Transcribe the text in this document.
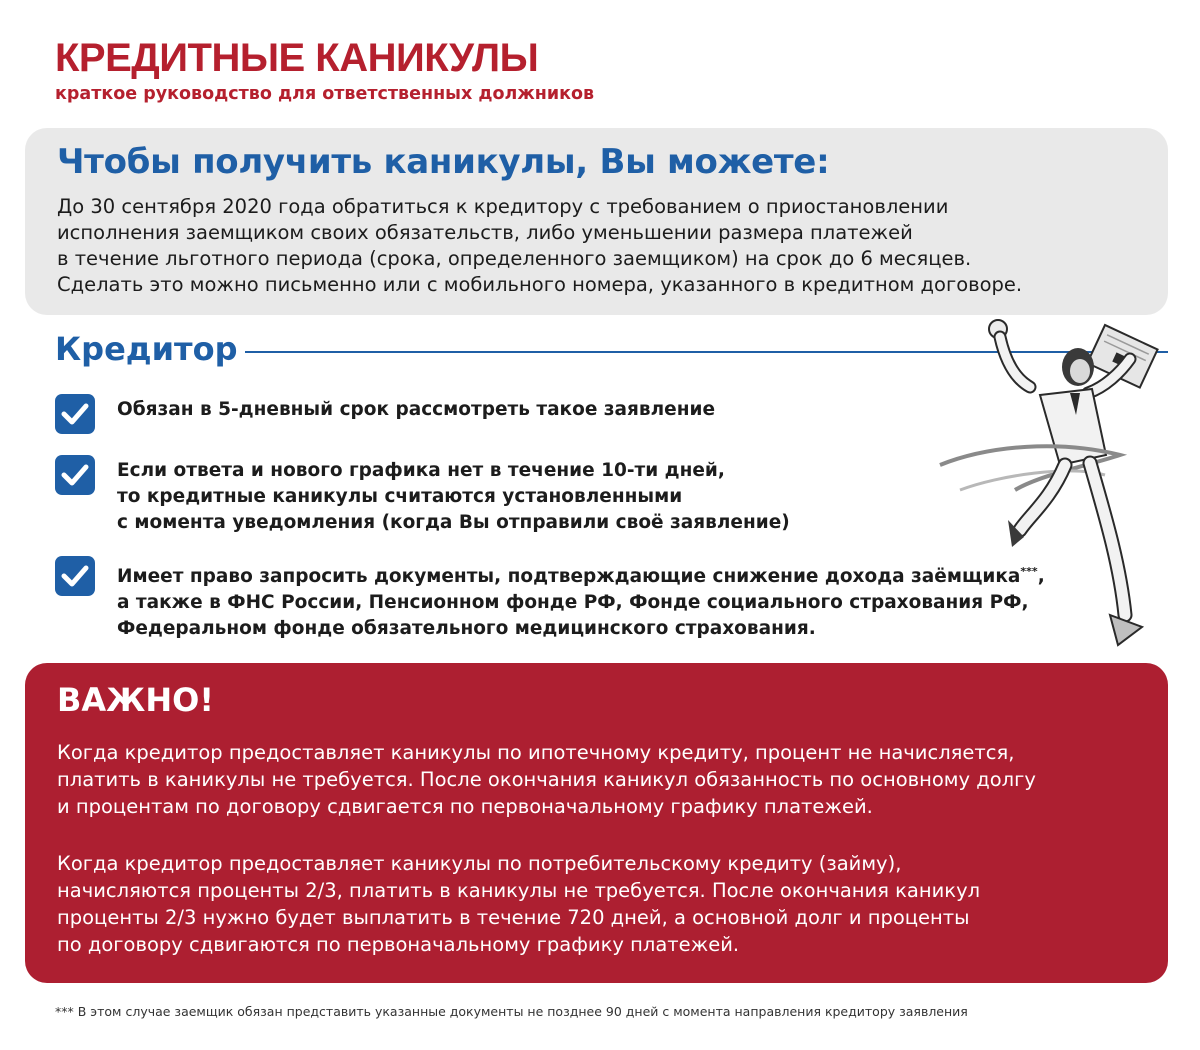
КРЕДИТНЫЕ КАНИКУЛЫ
краткое руководство для ответственных должников
Чтобы получить каникулы, Вы можете:

До 30 сентября 2020 года обратиться к кредитору с требованием о приостановлении

исполнения заемщиком своих обязательств, либо уменьшении размера платежей

в течение льготного периода (срока, определенного заемщиком) на срок до 6 месяцев.

Сделать это можно письменно или с мобильного номера, указанного в кредитном договоре.

Кредитор

Обязан в 5-дневный срок рассмотреть такое заявление

Если ответа и нового графика нет в течение 10-ти дней,

то кредитные каникулы считаются установленными

с момента уведомления (когда Вы отправили своё заявление)

Имеет право запросить документы, подтверждающие снижение дохода заёмщика***,

а также в ФНС России, Пенсионном фонде РФ, Фонде социального страхования РФ,

Федеральном фонде обязательного медицинского страхования.

ВАЖНО!

Когда кредитор предоставляет каникулы по ипотечному кредиту, процент не начисляется,

платить в каникулы не требуется. После окончания каникул обязанность по основному долгу

и процентам по договору сдвигается по первоначальному графику платежей.

Когда кредитор предоставляет каникулы по потребительскому кредиту (займу),

начисляются проценты 2/3, платить в каникулы не требуется. После окончания каникул

проценты 2/3 нужно будет выплатить в течение 720 дней, а основной долг и проценты

по договору сдвигаются по первоначальному графику платежей.

*** В этом случае заемщик обязан представить указанные документы не позднее 90 дней с момента направления кредитору заявления
